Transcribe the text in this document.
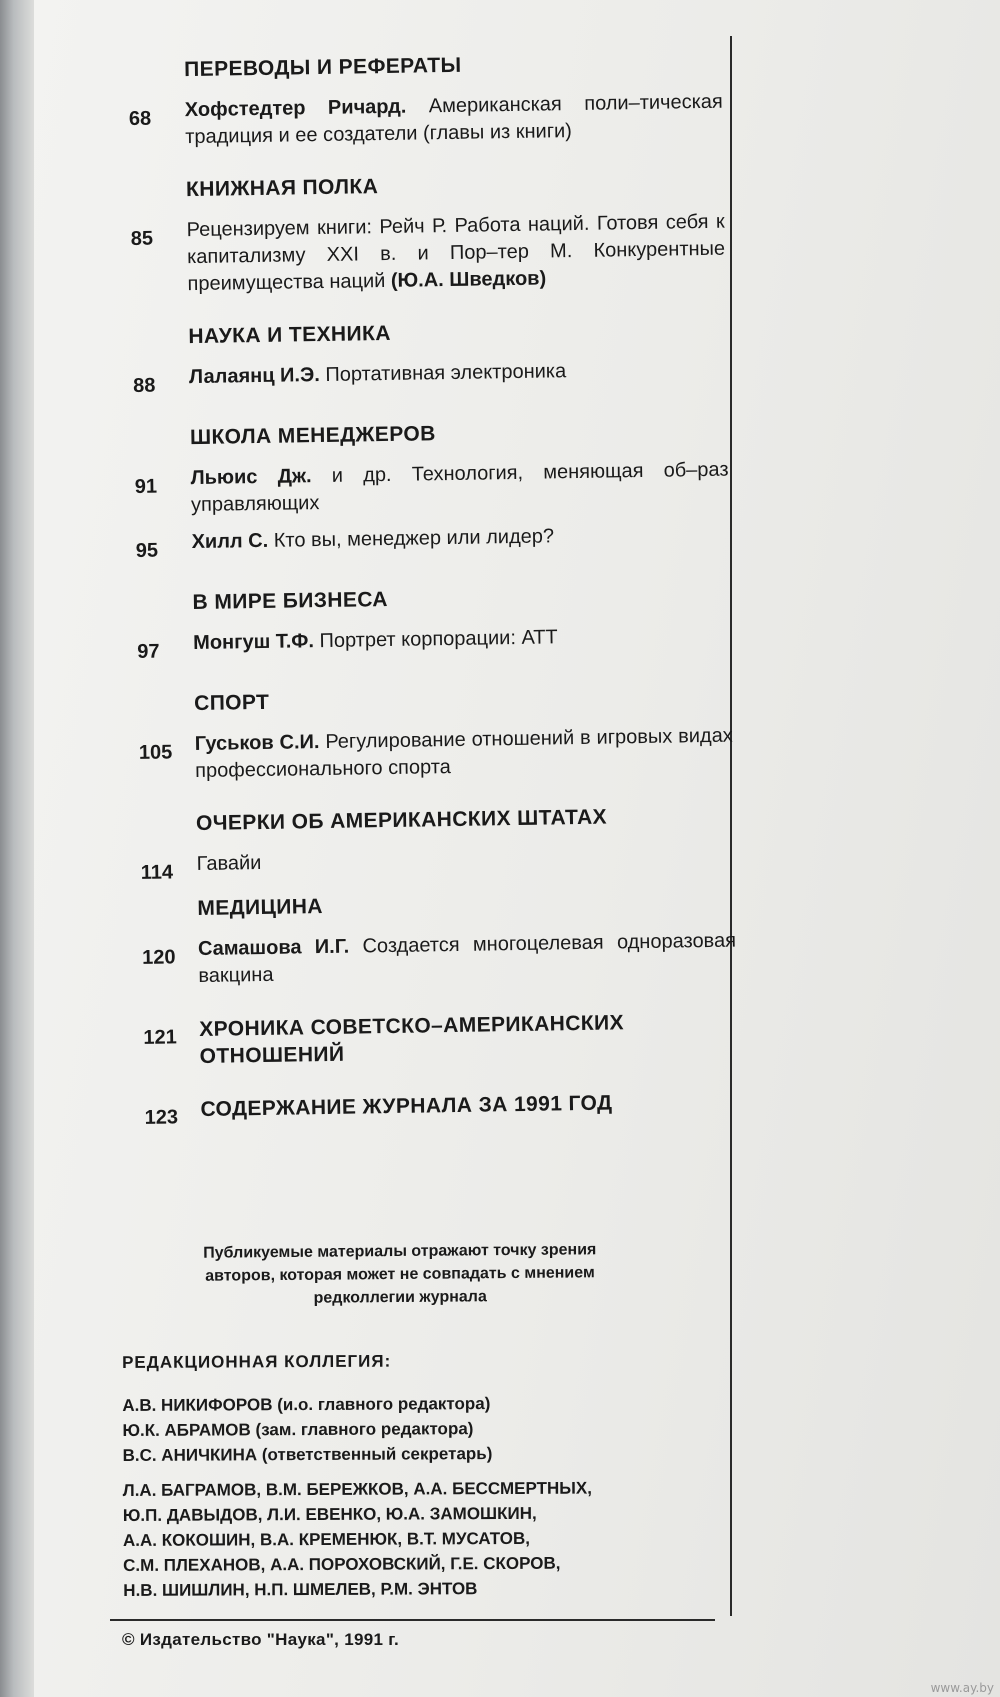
ПЕРЕВОДЫ И РЕФЕРАТЫ
68	Хофстедтер Ричард. Американская поли–тическая традиция и ее создатели (главы из книги)
КНИЖНАЯ ПОЛКА
85	Рецензируем книги: Рейч Р. Работа наций. Готовя себя к капитализму XXI в. и Пор–тер М. Конкурентные преимущества наций (Ю.А. Шведков)
НАУКА И ТЕХНИКА
88	Лалаянц И.Э. Портативная электроника
ШКОЛА МЕНЕДЖЕРОВ
91	Льюис Дж. и др. Технология, меняющая об–раз управляющих
95	Хилл С. Кто вы, менеджер или лидер?
В МИРЕ БИЗНЕСА
97	Монгуш Т.Ф. Портрет корпорации: АТТ
СПОРТ
105	Гуськов С.И. Регулирование отношений в игровых видах профессионального спорта
ОЧЕРКИ ОБ АМЕРИКАНСКИХ ШТАТАХ
114	Гавайи
МЕДИЦИНА
120	Самашова И.Г. Создается многоцелевая одноразовая вакцина
121	ХРОНИКА СОВЕТСКО–АМЕРИКАНСКИХ ОТНОШЕНИЙ
123	СОДЕРЖАНИЕ ЖУРНАЛА ЗА 1991 ГОД
Публикуемые материалы отражают точку зрения
авторов, которая может не совпадать с мнением
редколлегии журнала
РЕДАКЦИОННАЯ КОЛЛЕГИЯ:
А.В. НИКИФОРОВ (и.о. главного редактора)
Ю.К. АБРАМОВ (зам. главного редактора)
В.С. АНИЧКИНА (ответственный секретарь)
Л.А. БАГРАМОВ, В.М. БЕРЕЖКОВ, А.А. БЕССМЕРТНЫХ,
Ю.П. ДАВЫДОВ, Л.И. ЕВЕНКО, Ю.А. ЗАМОШКИН,
А.А. КОКОШИН, В.А. КРЕМЕНЮК, В.Т. МУСАТОВ,
С.М. ПЛЕХАНОВ, А.А. ПОРОХОВСКИЙ, Г.Е. СКОРОВ,
Н.В. ШИШЛИН, Н.П. ШМЕЛЕВ, Р.М. ЭНТОВ
© Издательство "Наука", 1991 г.
www.ay.by
